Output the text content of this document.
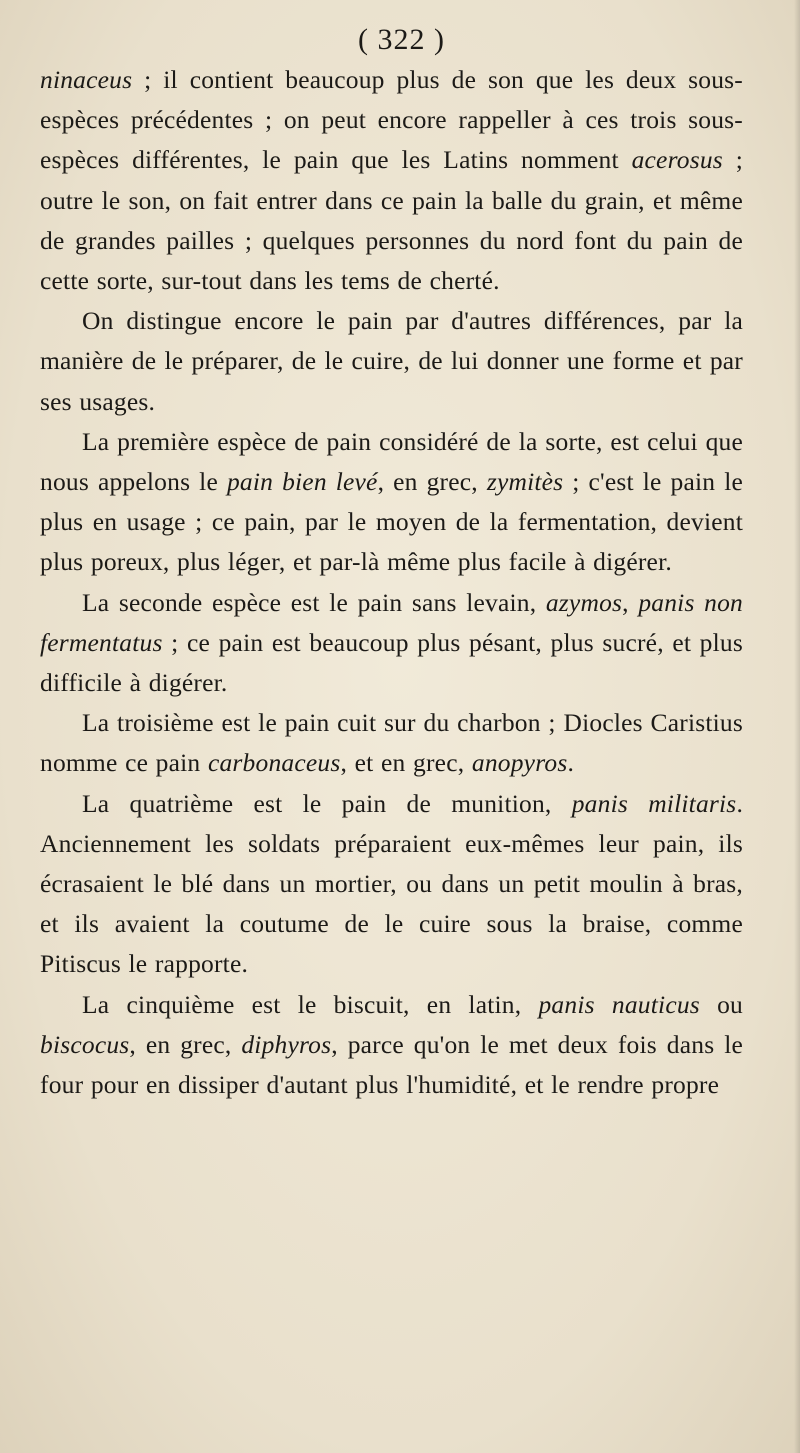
( 322 )

ninaceus ; il contient beaucoup plus de son que les deux sous-espèces précédentes ; on peut encore rappeller à ces trois sous-espèces différentes, le pain que les Latins nomment acerosus ; outre le son, on fait entrer dans ce pain la balle du grain, et même de grandes pailles ; quelques personnes du nord font du pain de cette sorte, sur-tout dans les tems de cherté.

On distingue encore le pain par d'autres différences, par la manière de le préparer, de le cuire, de lui donner une forme et par ses usages.

La première espèce de pain considéré de la sorte, est celui que nous appelons le pain bien levé, en grec, zymitès ; c'est le pain le plus en usage ; ce pain, par le moyen de la fermentation, devient plus poreux, plus léger, et par-là même plus facile à digérer.

La seconde espèce est le pain sans levain, azymos, panis non fermentatus ; ce pain est beaucoup plus pésant, plus sucré, et plus difficile à digérer.

La troisième est le pain cuit sur du charbon ; Diocles Caristius nomme ce pain carbonaceus, et en grec, anopyros.

La quatrième est le pain de munition, panis militaris. Anciennement les soldats préparaient eux-mêmes leur pain, ils écrasaient le blé dans un mortier, ou dans un petit moulin à bras, et ils avaient la coutume de le cuire sous la braise, comme Pitiscus le rapporte.

La cinquième est le biscuit, en latin, panis nauticus ou biscocus, en grec, diphyros, parce qu'on le met deux fois dans le four pour en dissiper d'autant plus l'humidité, et le rendre propre
